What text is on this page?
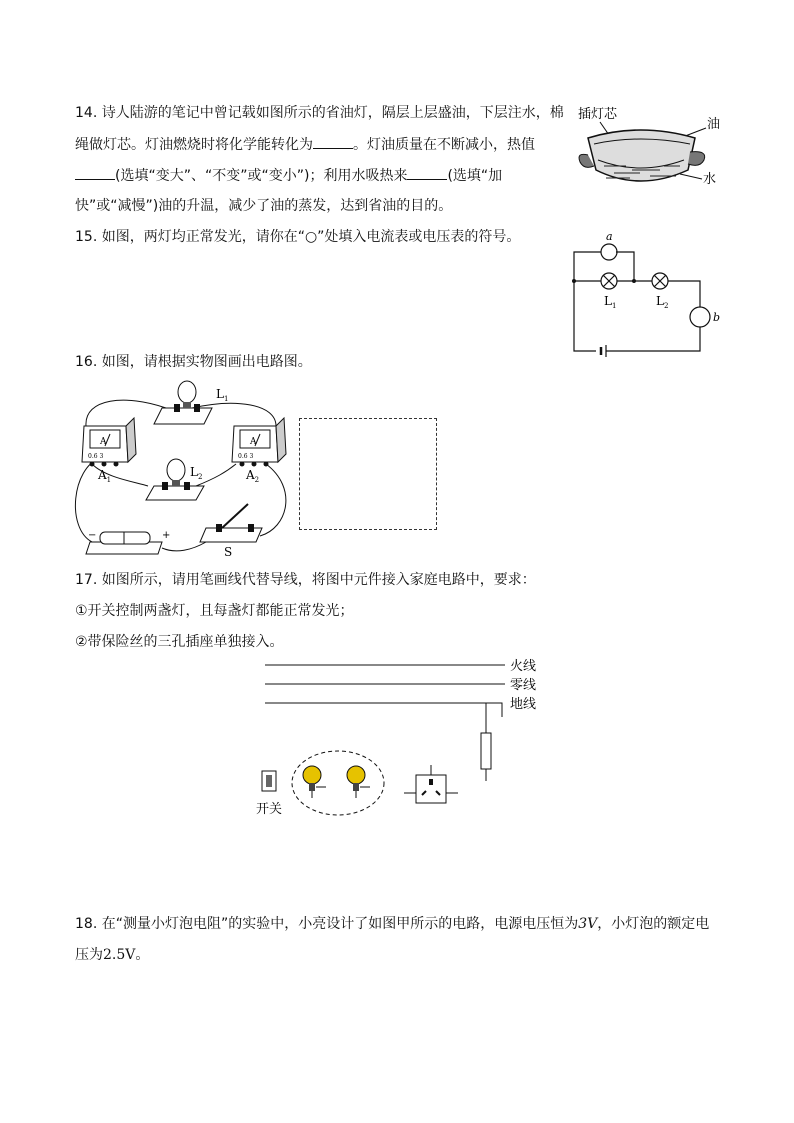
14. 诗人陆游的笔记中曾记载如图所示的省油灯，隔层上层盛油，下层注水，棉
绳做灯芯。灯油燃烧时将化学能转化为	。灯油质量在不断减小，热值
(选填“变大”、“不变”或“变小”)；利用水吸热来	(选填“加
快”或“减慢”)油的升温，减少了油的蒸发，达到省油的目的。
插灯芯
油
水
15. 如图，两灯均正常发光，请你在“○”处填入电流表或电压表的符号。	a
b
$L_1$	$L_2$
16. 如图，请根据实物图画出电路图。
$L_1$
$L_2$
A
0.6 3
$A_1$
A
0.6 3
$A_2$
−	+
S
17. 如图所示，请用笔画线代替导线，将图中元件接入家庭电路中，要求：
①开关控制两盏灯，且每盏灯都能正常发光；
②带保险丝的三孔插座单独接入。
火线
零线
地线
开关
18. 在“测量小灯泡电阻”的实验中，小亮设计了如图甲所示的电路，电源电压恒为3V，小灯泡的额定电
压为2.5V。
